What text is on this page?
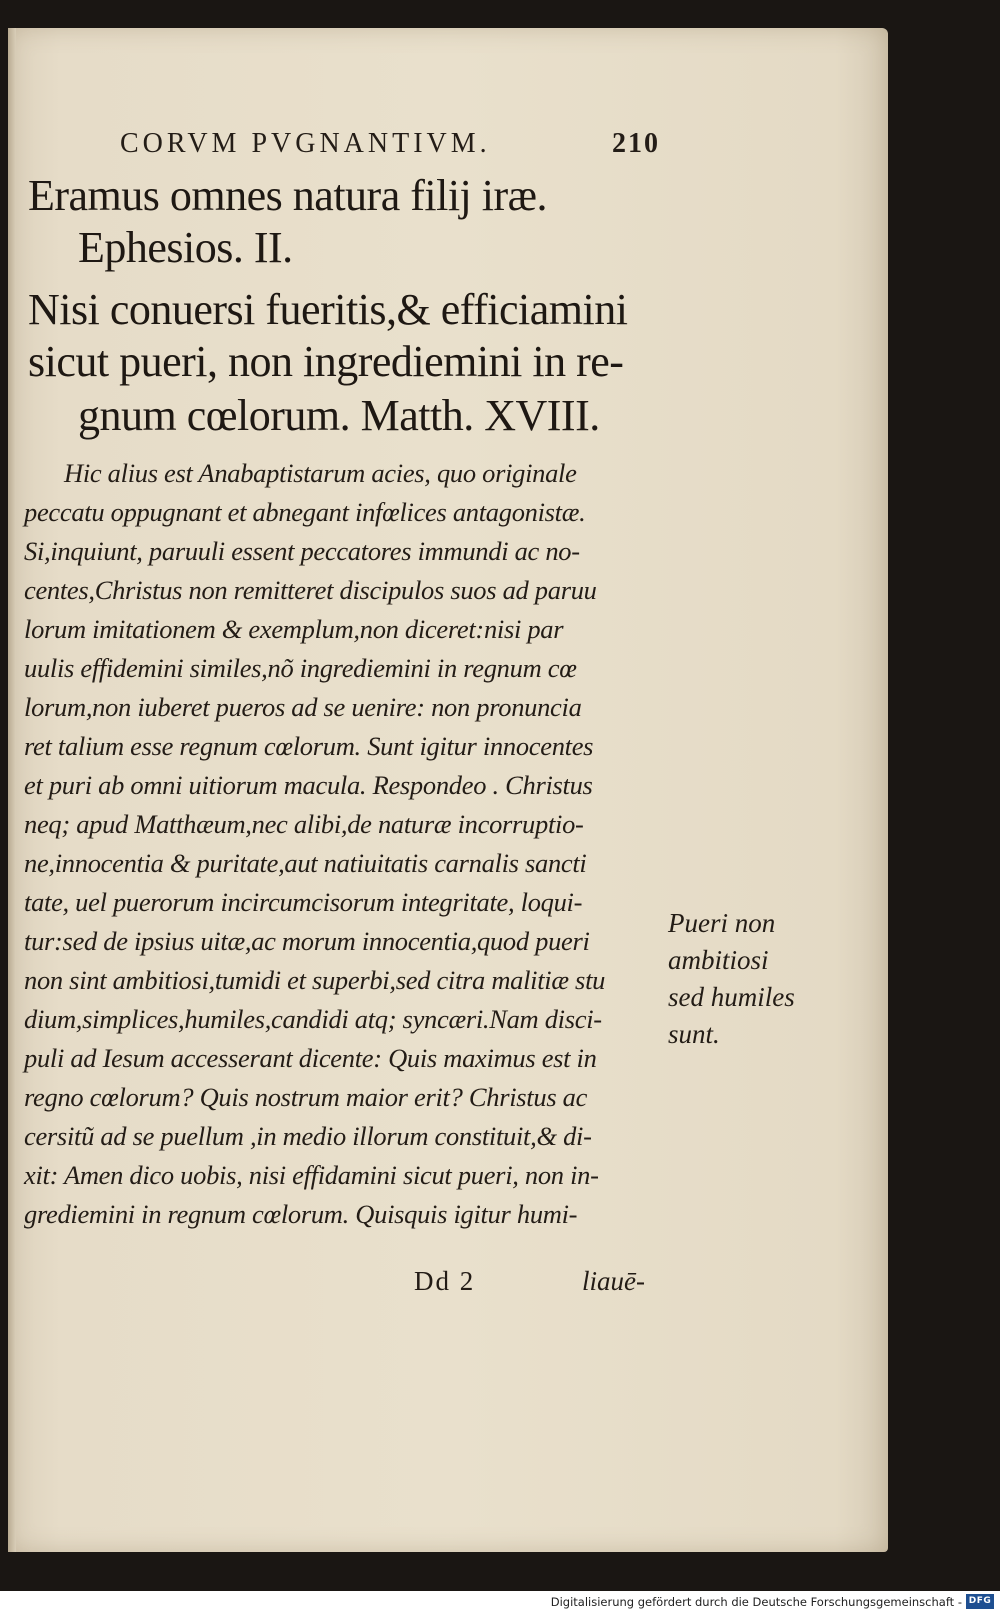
CORVM PVGNANTIVM.	210
Eramus omnes natura filij iræ.
Ephesios. II.
Nisi conuersi fueritis,& efficiamini
sicut pueri, non ingrediemini in re-
gnum cœlorum. Matth. XVIII.
Hic alius est Anabaptistarum acies, quo originale
peccatu oppugnant et abnegant infœlices antagonistæ.
Si,inquiunt, paruuli essent peccatores immundi ac no-
centes,Christus non remitteret discipulos suos ad paruu
lorum imitationem & exemplum,non diceret:nisi par
uulis effidemini similes,nõ ingrediemini in regnum cœ
lorum,non iuberet pueros ad se uenire: non pronuncia
ret talium esse regnum cœlorum. Sunt igitur innocentes
et puri ab omni uitiorum macula. Respondeo . Christus
neq; apud Matthæum,nec alibi,de naturæ incorruptio-
ne,innocentia & puritate,aut natiuitatis carnalis sancti
tate, uel puerorum incircumcisorum integritate, loqui-
tur:sed de ipsius uitæ,ac morum innocentia,quod pueri
non sint ambitiosi,tumidi et superbi,sed citra malitiæ stu
dium,simplices,humiles,candidi atq; syncæri.Nam disci-
puli ad Iesum accesserant dicente: Quis maximus est in
regno cœlorum? Quis nostrum maior erit? Christus ac
cersitũ ad se puellum ,in medio illorum constituit,& di-
xit: Amen dico uobis, nisi effidamini sicut pueri, non in-
grediemini in regnum cœlorum. Quisquis igitur humi-
Pueri non
ambitiosi
sed humiles
sunt.
Dd 2	liauē-
Digitalisierung gefördert durch die Deutsche Forschungsgemeinschaft - DFG
